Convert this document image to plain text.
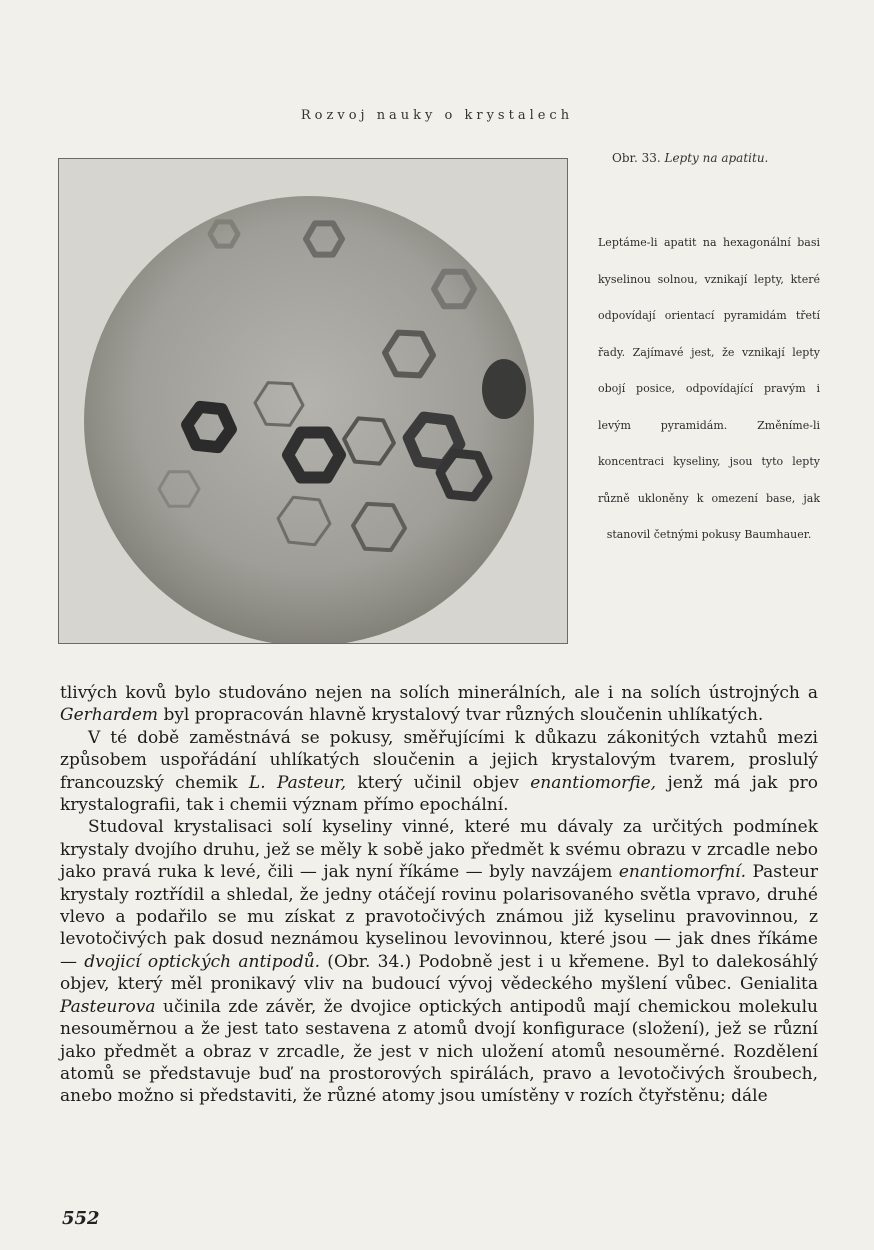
Rozvoj nauky o krystalech
Obr. 33. Lepty na apatitu.
Leptáme-li apatit na hexagonální basi kyselinou solnou, vznikají lepty, které odpovídají orientací pyramidám třetí řady. Zajímavé jest, že vznikají lepty obojí posice, odpovídající pravým i levým pyramidám. Změníme-li koncentraci kyseliny, jsou tyto lepty různě ukloněny k omezení base, jak stanovil četnými pokusy Baumhauer.

tlivých kovů bylo studováno nejen na solích minerálních, ale i na solích ústrojných a Gerhardem byl propracován hlavně krystalový tvar různých sloučenin uhlíkatých.

V té době zaměstnává se pokusy, směřujícími k důkazu zákonitých vztahů mezi způsobem uspořádání uhlíkatých sloučenin a jejich krystalovým tvarem, proslulý francouzský chemik L. Pasteur, který učinil objev enantiomorfie, jenž má jak pro krystalografii, tak i chemii význam přímo epochální.

Studoval krystalisaci solí kyseliny vinné, které mu dávaly za určitých podmínek krystaly dvojího druhu, jež se měly k sobě jako předmět k svému obrazu v zrcadle nebo jako pravá ruka k levé, čili — jak nyní říkáme — byly navzájem enantiomorfní. Pasteur krystaly roztřídil a shledal, že jedny otáčejí rovinu polarisovaného světla vpravo, druhé vlevo a podařilo se mu získat z pravotočivých známou již kyselinu pravovinnou, z levotočivých pak dosud neznámou kyselinou levovinnou, které jsou — jak dnes říkáme — dvojicí optických antipodů. (Obr. 34.) Podobně jest i u křemene. Byl to dalekosáhlý objev, který měl pronikavý vliv na budoucí vývoj vědeckého myšlení vůbec. Genialita Pasteurova učinila zde závěr, že dvojice optických antipodů mají chemickou molekulu nesouměrnou a že jest tato sestavena z atomů dvojí konfigurace (složení), jež se různí jako předmět a obraz v zrcadle, že jest v nich uložení atomů nesouměrné. Rozdělení atomů se představuje buď na prostorových spirálách, pravo a levotočivých šroubech, anebo možno si představiti, že různé atomy jsou umístěny v rozích čtyřstěnu; dále

552
